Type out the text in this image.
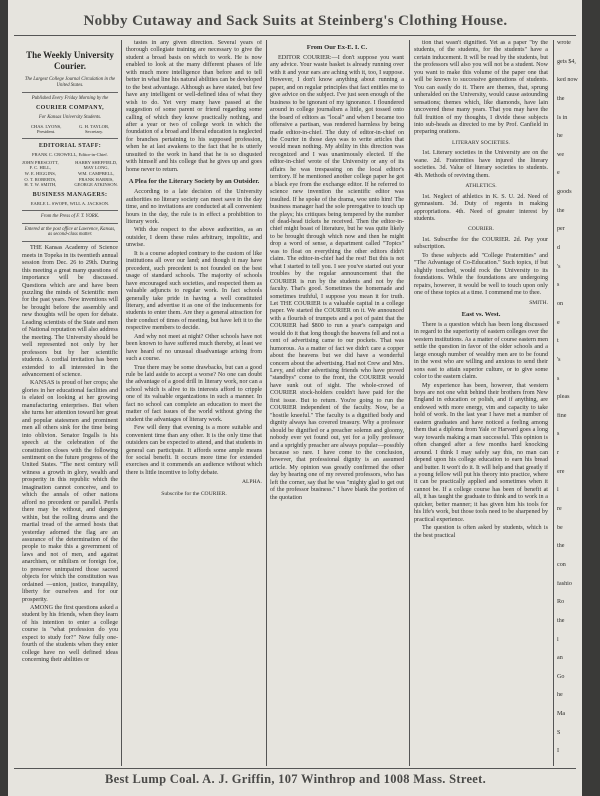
Nobby Cutaway and Sack Suits at Steinberg's Clothing House.
The Weekly University Courier.
The Largest College Journal Circulation in the United States.
Published Every Friday Morning by the
COURIER COMPANY,
For Kansas University Students.
CHAS. LYONS, President.
G. H. TAYLOR, Secretary.
EDITORIAL STAFF:
FRANK C. CROWELL, Editor-in-Chief.
JOHN PRESCOTT,
F. C. HILL,
W. E. HIGGINS,
O. T. ROBERTS,
H. T. W. SMITH,
HARRY SHEFFIELD,
MAY LONG,
WM. CAMPBELL,
FRANK HARRIS,
GEORGE ATKINSON.
BUSINESS MANAGERS:
EARLE L. SWOPE, WILL A. JACKSON.
From the Press of F. T. YORK.
Entered at the post office at Lawrence, Kansas, as second-class matter.

THE Kansas Academy of Science meets in Topeka in its twentieth annual session from Dec. 26 to 29th. During this meeting a great many questions of importance will be discussed. Questions which are and have been puzzling the minds of Scientific men for the past years. New inventions will be brought before the assembly and new thoughts will be open for debate. Leading scientists of the State and men of National reputation will also address the meeting. The University should be well represented not only by her professors but by her scientific students. A cordial invitation has been extended to all interested in the advancement of science.

KANSAS is proud of her crops; she glories in her educational facilities and is elated on looking at her growing manufacturing enterprises. But when she turns her attention toward her great and popular statesmen and prominent men all others sink for the time being into oblivion. Senator Ingalls is his speech at the celebration of the constitution closes with the following sentiment on the future progress of the United States. "The next century will witness a growth in glory, wealth and prosperity in this republic which the imagination cannot conceive, and to which the annals of other nations afford no precedent or parallel. Perils there may be without, and dangers within, but the rolling drums and the martial tread of the armed hosts that yesterday adorned the flag are an assurance of the determination of the people to make this a government of laws and not of men, and against anarchism, or nihilism or foreign foe, to preserve unimpaired those sacred objects for which the constitution was ordained —union, justice, tranquility, liberty for ourselves and for our prosperity.

AMONG the first questions asked a student by his friends, when they learn of his intention to enter a college course is "what profession do you expect to study for?" Now fully one-fourth of the students when they enter college have no well defined ideas concerning their abilities or

tastes in any given direction. Several years of thorough collegiate training are necessary to give the student a broad basis on which to work. He is now enabled to look at the many different phases of life with much more intelligence than before and to tell better in what line his natural abilities can be developed to the best advantage. Although as have stated, but few have any intelligent or well-defined idea of what they wish to do. Yet very many have passed at the suggestion of some parent or friend regarding some calling of which they know practically nothing, and after a year or two of college work in which the foundation of a broad and liberal education is neglected for branches pertaining to his supposed profession, when he at last awakens to the fact that he is utterly unsuited to the work in hand that he is so disgusted with himself and his college that he gives up and goes home never to return.

A Plea for the Literary Society by an Outsider.

According to a late decision of the University authorities no literary society can meet save in the day time, and no invitations are conducted at all convenient hours in the day, the rule is in effect a prohibition to literary work.

With due respect to the above authorities, as an outsider, I deem these rules arbitrary, impolitic, and unwise.

It is a course adopted contrary to the custom of like institutions all over our land; and though it may have precedent, such precedent is not founded on the best usage of standard schools. The majority of schools have encouraged such societies, and respected them as valuable adjuncts to regular work. In fact schools generally take pride in having a well constituted literary, and advertise it as one of the inducements for students to enter them. Are they a general attraction for their conduct of times of meeting, but have left it to the respective members to decide.

And why not meet at night? Other schools have not been known to have suffered much thereby, at least we have heard of no unusual disadvantage arising from such a course.

True there may be some drawbacks, but can a good rule be laid aside to accept a worse? No one can doubt the advantage of a good drill in literary work, nor can a school which is alive to its interests afford to cripple one of its valuable organizations in such a manner. In fact no school can complete an education to meet the matter of fact issues of the world without giving the student the advantages of literary work.

Few will deny that evening is a more suitable and convenient time than any other. It is the only time that outsiders can be expected to attend, and that students in general can participate. It affords some ample means for social benefit. It occurs more time for extended exercises and it commends an audience without which there is little incentive to lofty debate.

ALPHA.
Subscribe for the COURIER.
From Our Ex-E. I. C.

EDITOR COURIER:—I don't suppose you want any advice. Your waste basket is already running over with it and your ears are aching with it, too, I suppose. However, I don't know anything about running a paper, and on regular principles that fact entitles me to give advice on the subject. I've just seen enough of the business to be ignorant of my ignorance. I floundered around in college journalism a little, got tossed onto the board of editors as "local" and when I became too offensive a partisan, was rendered harmless by being made editor-in-chief. The duty of editor-in-chief on the Courier in those days was to write articles that would mean nothing. My ability in this direction was recognized and I was unanimously elected. If the editor-in-chief wrote of the University or any of its affairs he was trespassing on the local editor's territory. If he mentioned another college paper he got a black eye from the exchange editor. If he referred to science new invention the scientific editor was insulted. If he spoke of the drama, woe unto him! The business manager had the sole prerogative to touch up the plays; his critiques being tempered by the number of dead-head tickets he received. Then the editor-in-chief might boast of literature, but he was quite likely to be brought through which now and then he might drop a word of sense, a department called "Topics" was to float on everything the other editors didn't claim. The editor-in-chief had the rest! But this is not what I started to tell you. I see you've started out your troubles by the regular announcement that the COURIER is run by the students and not by the faculty. That's good. Sometimes the homemade and sometimes truthful, I suppose you mean it for truth. Let THE COURIER is a valuable capital in a college paper. We started the COURIER on it. We announced with a flourish of trumpets and a pot of paint that the COURIER had $800 to run a year's campaign and would do it that long though the heavens fell and not a cent of advertising came to our pockets. That was humorous. As a matter of fact we didn't care a copper about the heavens but we did have a wonderful concern about the advertising. Had not Crew and Mrs. Levy, and other advertising friends who have proved "standbys" come to the front, the COURIER would have sunk out of sight. The whole-crowd of COURIER stock-holders couldn't have paid for the first issue. But to return. You're going to run the COURIER independent of the faculty. Now, be a "hostile kneeful." The faculty is a dignified body and dignity always has covered treasury. Why a professor should be dignified or a preacher solemn and gloomy, nobody ever yet found out, yet for a jolly professor and a sprightly preacher are always popular—possibly because so rare. I have come to the conclusion, however, that professional dignity is an assumed article. My opinion was greatly confirmed the other day by hearing one of my revered professors, who has left the corner, say that he was "mighty glad to get out of the professor business." I have blank the portion of the quotation

tion that wasn't dignified. Yet as a paper "by the students, of the students, for the students" have a certain inducement. It will be read by the students, but the professors will also you will not be a student. Now you want to make this volume of the paper one that will be known to successive generations of students. You can easily do it. There are themes, that, sprung unheralded on the University, would cause astounding sensations; themes which, like diamonds, have lain uncovered these many years. That you may have the full fruition of my thoughts, I divide these subjects into sub-heads as directed to me by Prof. Canfield in preparing orations.

LITERARY SOCIETIES.

1st. Literary societies in the University are on the wane. 2d. Fraternities have injured the literary societies. 3d. Value of literary societies to students. 4th. Methods of reviving them.

ATHLETICS.

1st. Neglect of athletics in K. S. U. 2d. Need of gymnasium. 3d. Duty of regents in making appropriations. 4th. Need of greater interest by students.

COURIER.

1st. Subscribe for the COURIER. 2d. Pay your subscription.

To these subjects add "College Fraternities" and "The Advantage of Co-Education." Such topics, if but slightly touched, would rock the University to its foundations. While the foundations are undergoing repairs, however, it would be well to touch upon only one of these topics at a time. I commend me to thee.

SMITH.
East vs. West.

There is a question which has been long discussed in regard to the superiority of eastern colleges over the western institutions. As a matter of course eastern men settle the question in favor of the older schools and a large enough number of wealthy men are to be found in the west who are willing and anxious to send their sons east to attain superior culture, or to give some color to the eastern claim.

My experience has been, however, that western boys are not one whit behind their brothers from New England in education or polish, and if anything, are endowed with more energy, vim and capacity to take hold of work. In the last year I have met a number of eastern graduates and have noticed a feeling among them that a diploma from Yale or Harvard goes a long way towards making a man successful. This opinion is often changed after a few months hard knocking around. I think I may safely say this, no man can depend upon his college education to earn his bread and butter. It won't do it. It will help and that greatly if a young fellow will put his theory into practice, where it can be practically applied and sometimes when it cannot be. If a college course has been of benefit at all, it has taught the graduate to think and to work in a quicker, better manner; it has given him his tools for his life's work, but those tools need to be sharpened by practical experience.

The question is often asked by students, which is the best practical

wrote

gets $4,

ked now

the

ls in

he

we

e

goods

the

per

d

's

s

on

e

t

's

s

pleas

fine

s

r

ere

l

re

be

the

con

fashio

Ro

the

l

an

Go

he

Ma

S

I

Best Lump Coal. A. J. Griffin, 107 Winthrop and 1008 Mass. Street.
